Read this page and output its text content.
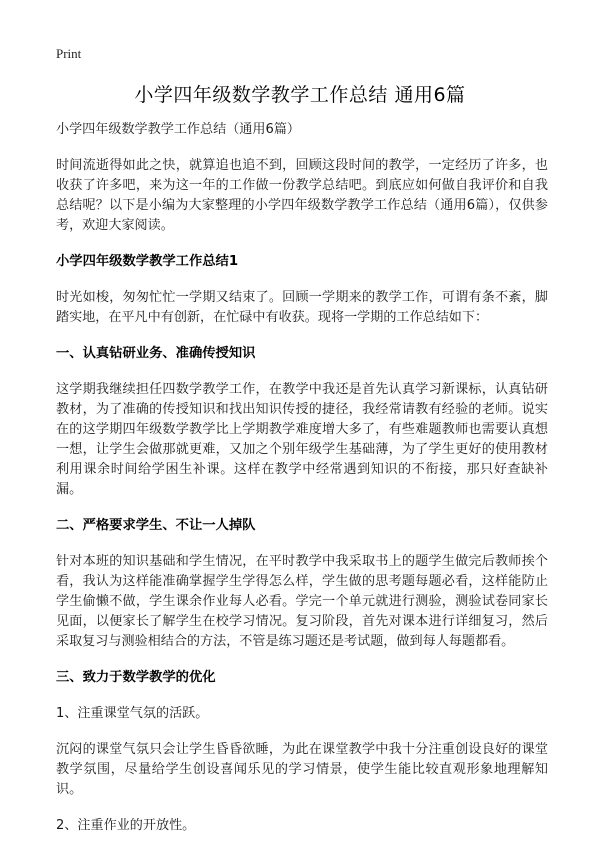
Print
小学四年级数学教学工作总结 通用6篇

小学四年级数学教学工作总结（通用6篇）

时间流逝得如此之快，就算追也追不到，回顾这段时间的教学，一定经历了许多，也收获了许多吧，来为这一年的工作做一份教学总结吧。到底应如何做自我评价和自我总结呢？以下是小编为大家整理的小学四年级数学教学工作总结（通用6篇），仅供参考，欢迎大家阅读。

小学四年级数学教学工作总结1

时光如梭，匆匆忙忙一学期又结束了。回顾一学期来的教学工作，可谓有条不紊，脚踏实地，在平凡中有创新，在忙碌中有收获。现将一学期的工作总结如下：

一、认真钻研业务、准确传授知识

这学期我继续担任四数学教学工作，在教学中我还是首先认真学习新课标，认真钻研教材，为了准确的传授知识和找出知识传授的捷径，我经常请教有经验的老师。说实在的这学期四年级数学教学比上学期教学难度增大多了，有些难题教师也需要认真想一想，让学生会做那就更难，又加之个别年级学生基础薄，为了学生更好的使用教材利用课余时间给学困生补课。这样在教学中经常遇到知识的不衔接，那只好查缺补漏。

二、严格要求学生、不让一人掉队

针对本班的知识基础和学生情况，在平时教学中我采取书上的题学生做完后教师挨个看，我认为这样能准确掌握学生学得怎么样，学生做的思考题每题必看，这样能防止学生偷懒不做，学生课余作业每人必看。学完一个单元就进行测验，测验试卷同家长见面，以便家长了解学生在校学习情况。复习阶段，首先对课本进行详细复习，然后采取复习与测验相结合的方法，不管是练习题还是考试题，做到每人每题都看。

三、致力于数学教学的优化

1、注重课堂气氛的活跃。

沉闷的课堂气氛只会让学生昏昏欲睡，为此在课堂教学中我十分注重创设良好的课堂教学氛围，尽量给学生创设喜闻乐见的学习情景，使学生能比较直观形象地理解知识。

2、注重作业的开放性。
